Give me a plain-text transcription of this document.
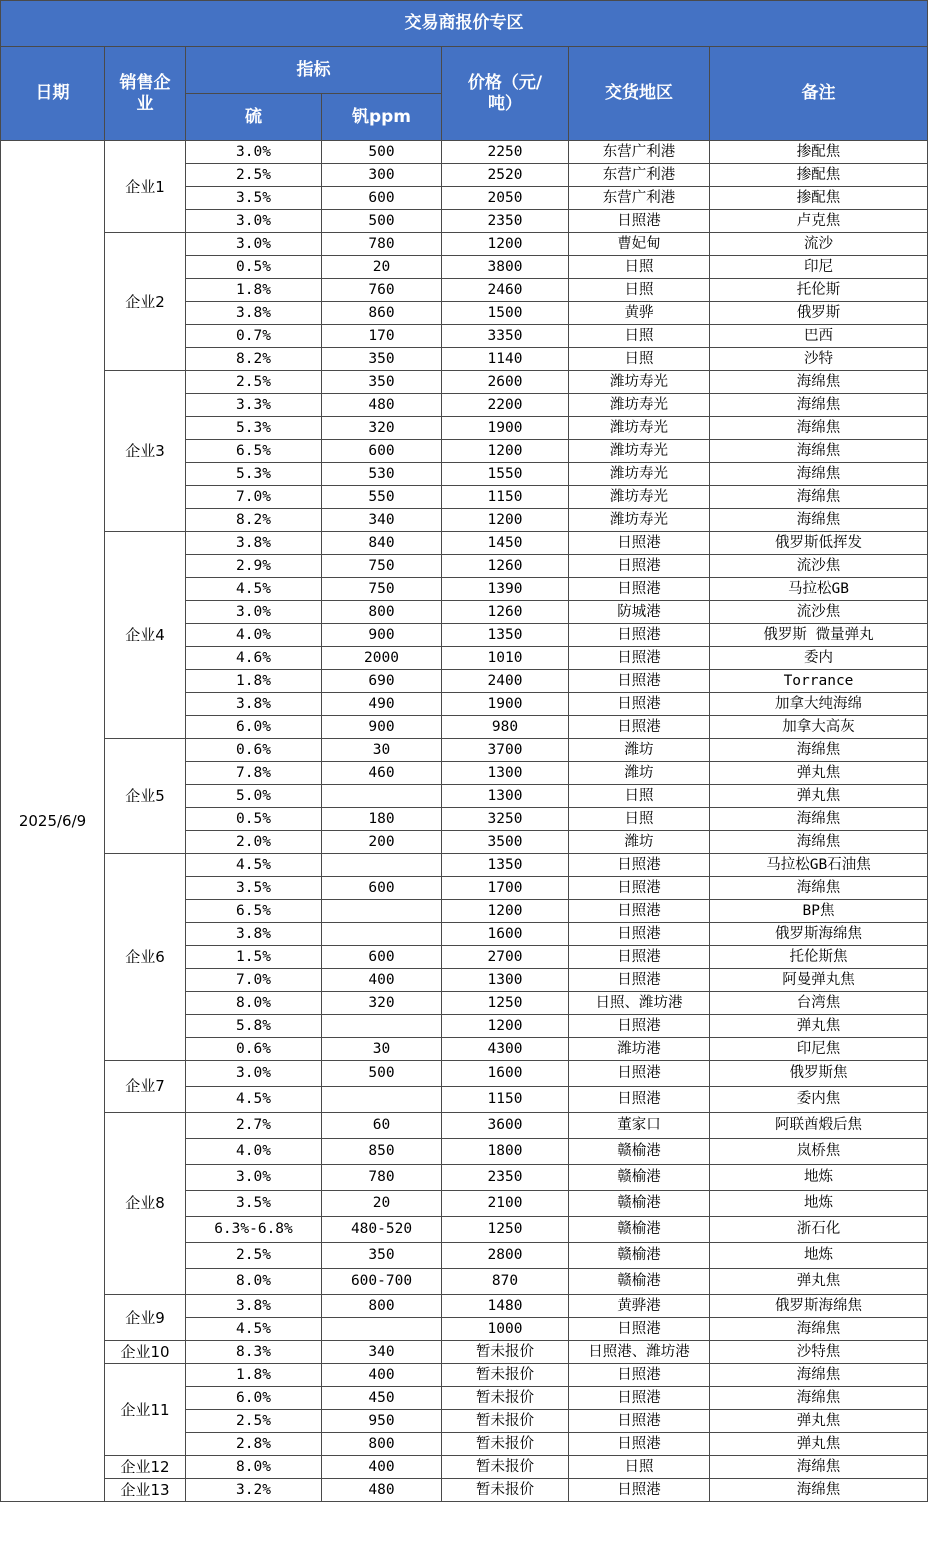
交易商报价专区						
日期	销售企业	指标		价格（元/吨）	交货地区	备注
		硫	钒ppm			
2025/6/9	企业1	3.0%	500	2250	东营广利港	掺配焦
		2.5%	300	2520	东营广利港	掺配焦
		3.5%	600	2050	东营广利港	掺配焦
		3.0%	500	2350	日照港	卢克焦
	企业2	3.0%	780	1200	曹妃甸	流沙
		0.5%	20	3800	日照	印尼
		1.8%	760	2460	日照	托伦斯
		3.8%	860	1500	黄骅	俄罗斯
		0.7%	170	3350	日照	巴西
		8.2%	350	1140	日照	沙特
	企业3	2.5%	350	2600	潍坊寿光	海绵焦
		3.3%	480	2200	潍坊寿光	海绵焦
		5.3%	320	1900	潍坊寿光	海绵焦
		6.5%	600	1200	潍坊寿光	海绵焦
		5.3%	530	1550	潍坊寿光	海绵焦
		7.0%	550	1150	潍坊寿光	海绵焦
		8.2%	340	1200	潍坊寿光	海绵焦
	企业4	3.8%	840	1450	日照港	俄罗斯低挥发
		2.9%	750	1260	日照港	流沙焦
		4.5%	750	1390	日照港	马拉松GB
		3.0%	800	1260	防城港	流沙焦
		4.0%	900	1350	日照港	俄罗斯 微量弹丸
		4.6%	2000	1010	日照港	委内
		1.8%	690	2400	日照港	Torrance
		3.8%	490	1900	日照港	加拿大纯海绵
		6.0%	900	980	日照港	加拿大高灰
	企业5	0.6%	30	3700	潍坊	海绵焦
		7.8%	460	1300	潍坊	弹丸焦
		5.0%		1300	日照	弹丸焦
		0.5%	180	3250	日照	海绵焦
		2.0%	200	3500	潍坊	海绵焦
	企业6	4.5%		1350	日照港	马拉松GB石油焦
		3.5%	600	1700	日照港	海绵焦
		6.5%		1200	日照港	BP焦
		3.8%		1600	日照港	俄罗斯海绵焦
		1.5%	600	2700	日照港	托伦斯焦
		7.0%	400	1300	日照港	阿曼弹丸焦
		8.0%	320	1250	日照、潍坊港	台湾焦
		5.8%		1200	日照港	弹丸焦
		0.6%	30	4300	潍坊港	印尼焦
	企业7	3.0%	500	1600	日照港	俄罗斯焦
		4.5%		1150	日照港	委内焦
	企业8	2.7%	60	3600	董家口	阿联酋煅后焦
		4.0%	850	1800	赣榆港	岚桥焦
		3.0%	780	2350	赣榆港	地炼
		3.5%	20	2100	赣榆港	地炼
		6.3%-6.8%	480-520	1250	赣榆港	浙石化
		2.5%	350	2800	赣榆港	地炼
		8.0%	600-700	870	赣榆港	弹丸焦
	企业9	3.8%	800	1480	黄骅港	俄罗斯海绵焦
		4.5%		1000	日照港	海绵焦
	企业10	8.3%	340	暂未报价	日照港、潍坊港	沙特焦
	企业11	1.8%	400	暂未报价	日照港	海绵焦
		6.0%	450	暂未报价	日照港	海绵焦
		2.5%	950	暂未报价	日照港	弹丸焦
		2.8%	800	暂未报价	日照港	弹丸焦
	企业12	8.0%	400	暂未报价	日照	海绵焦
	企业13	3.2%	480	暂未报价	日照港	海绵焦
